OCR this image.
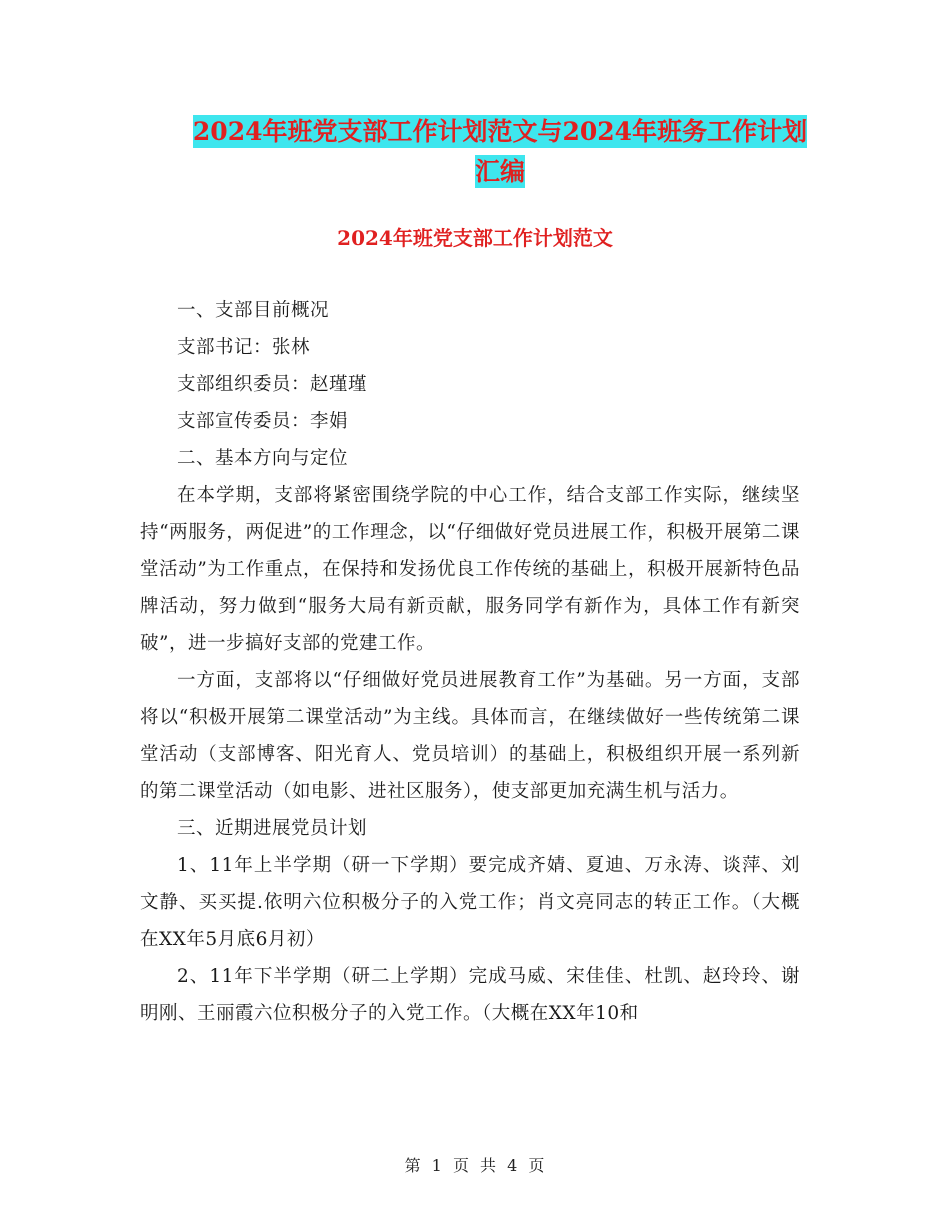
2024年班党支部工作计划范文与2024年班务工作计划
汇编
2024年班党支部工作计划范文

一、支部目前概况

支部书记：张林

支部组织委员：赵瑾瑾

支部宣传委员：李娟

二、基本方向与定位

在本学期，支部将紧密围绕学院的中心工作，结合支部工作实际，继续坚持“两服务，两促进”的工作理念，以“仔细做好党员进展工作，积极开展第二课堂活动”为工作重点，在保持和发扬优良工作传统的基础上，积极开展新特色品牌活动，努力做到“服务大局有新贡献，服务同学有新作为，具体工作有新突破”，进一步搞好支部的党建工作。

一方面，支部将以“仔细做好党员进展教育工作”为基础。另一方面，支部将以“积极开展第二课堂活动”为主线。具体而言，在继续做好一些传统第二课堂活动（支部博客、阳光育人、党员培训）的基础上，积极组织开展一系列新的第二课堂活动（如电影、进社区服务），使支部更加充满生机与活力。

三、近期进展党员计划

1、11年上半学期（研一下学期）要完成齐婧、夏迪、万永涛、谈萍、刘文静、买买提.依明六位积极分子的入党工作；肖文亮同志的转正工作。（大概在XX年5月底6月初）

2、11年下半学期（研二上学期）完成马威、宋佳佳、杜凯、赵玲玲、谢明刚、王丽霞六位积极分子的入党工作。（大概在XX年10和

第 1 页 共 4 页
